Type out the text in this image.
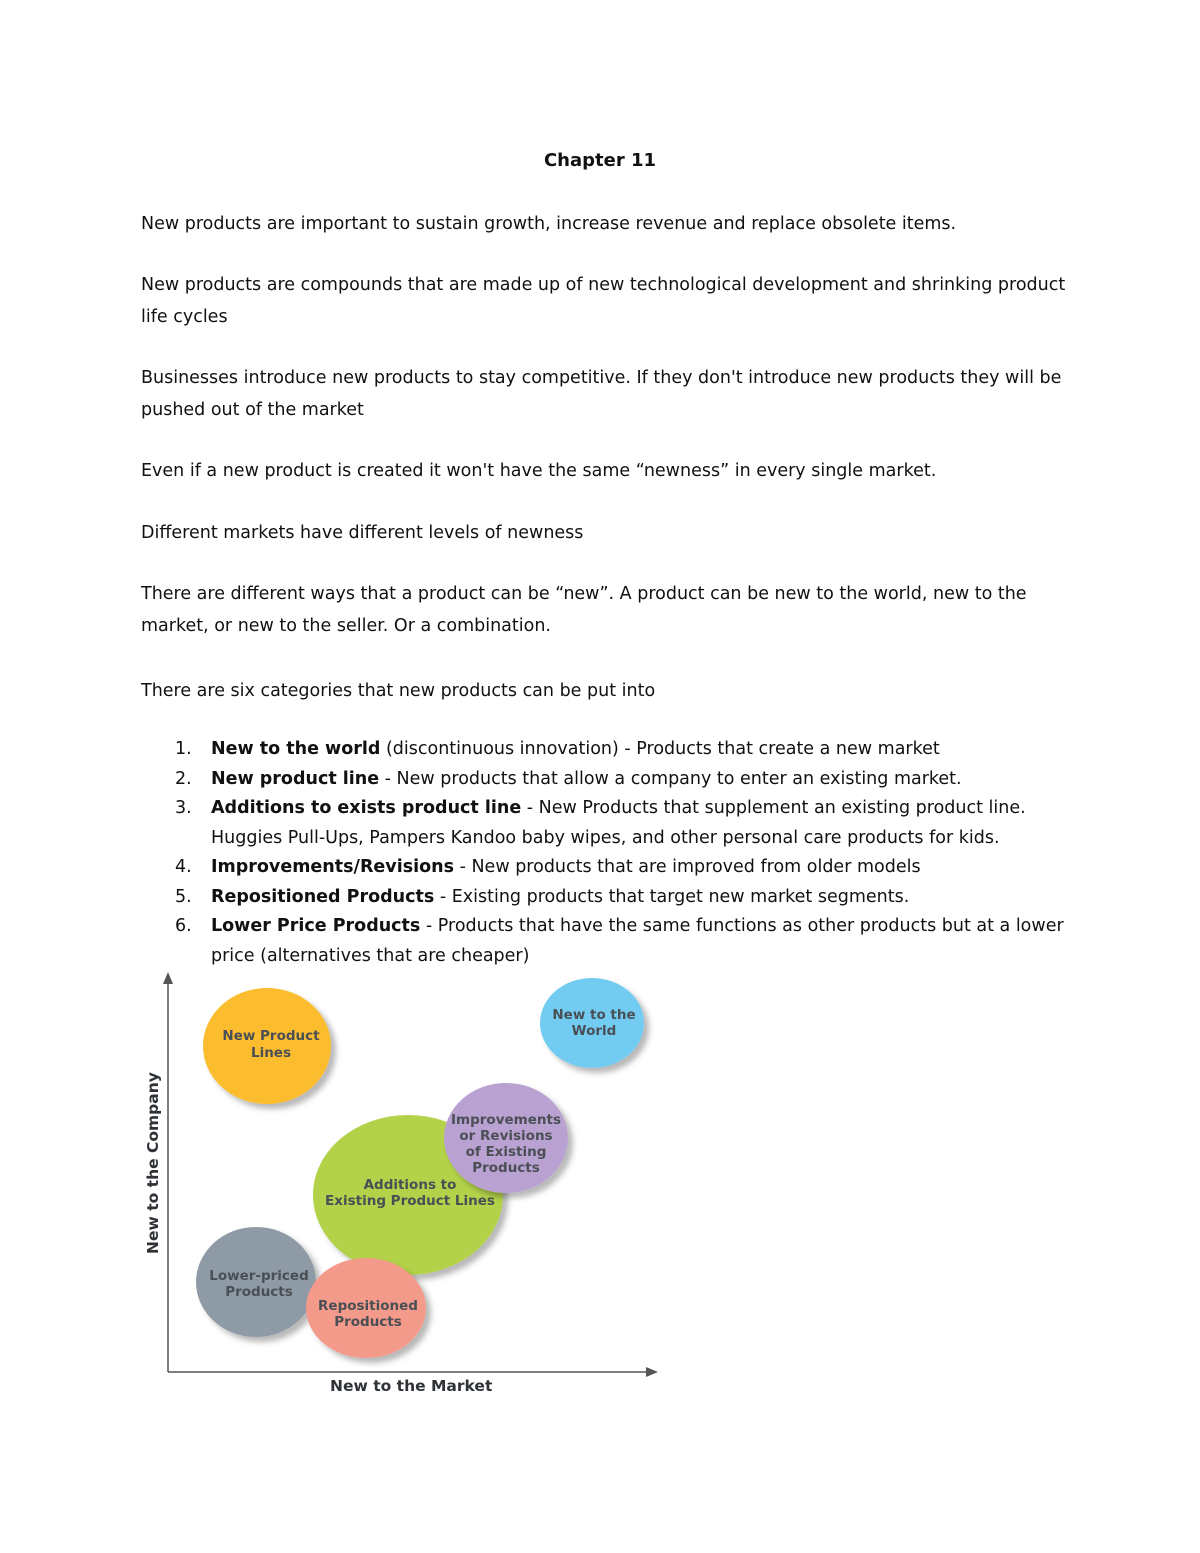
Chapter 11

New products are important to sustain growth, increase revenue and replace obsolete items.

New products are compounds that are made up of new technological development and shrinking product life cycles

Businesses introduce new products to stay competitive. If they don't introduce new products they will be pushed out of the market

Even if a new product is created it won't have the same “newness” in every single market.

Different markets have different levels of newness

There are different ways that a product can be “new”. A product can be new to the world, new to the market, or new to the seller. Or a combination.

There are six categories that new products can be put into

1. New to the world (discontinuous innovation) - Products that create a new market
2. New product line - New products that allow a company to enter an existing market.
3. Additions to exists product line - New Products that supplement an existing product line. Huggies Pull-Ups, Pampers Kandoo baby wipes, and other personal care products for kids.
4. Improvements/Revisions - New products that are improved from older models
5. Repositioned Products - Existing products that target new market segments.
6. Lower Price Products - Products that have the same functions as other products but at a lower price (alternatives that are cheaper)
New to the Market
New to the Company
New Product
Lines
New to the
World
Additions to
Existing Product Lines
Improvements
or Revisions
of Existing
Products
Lower-priced
Products
Repositioned
Products
